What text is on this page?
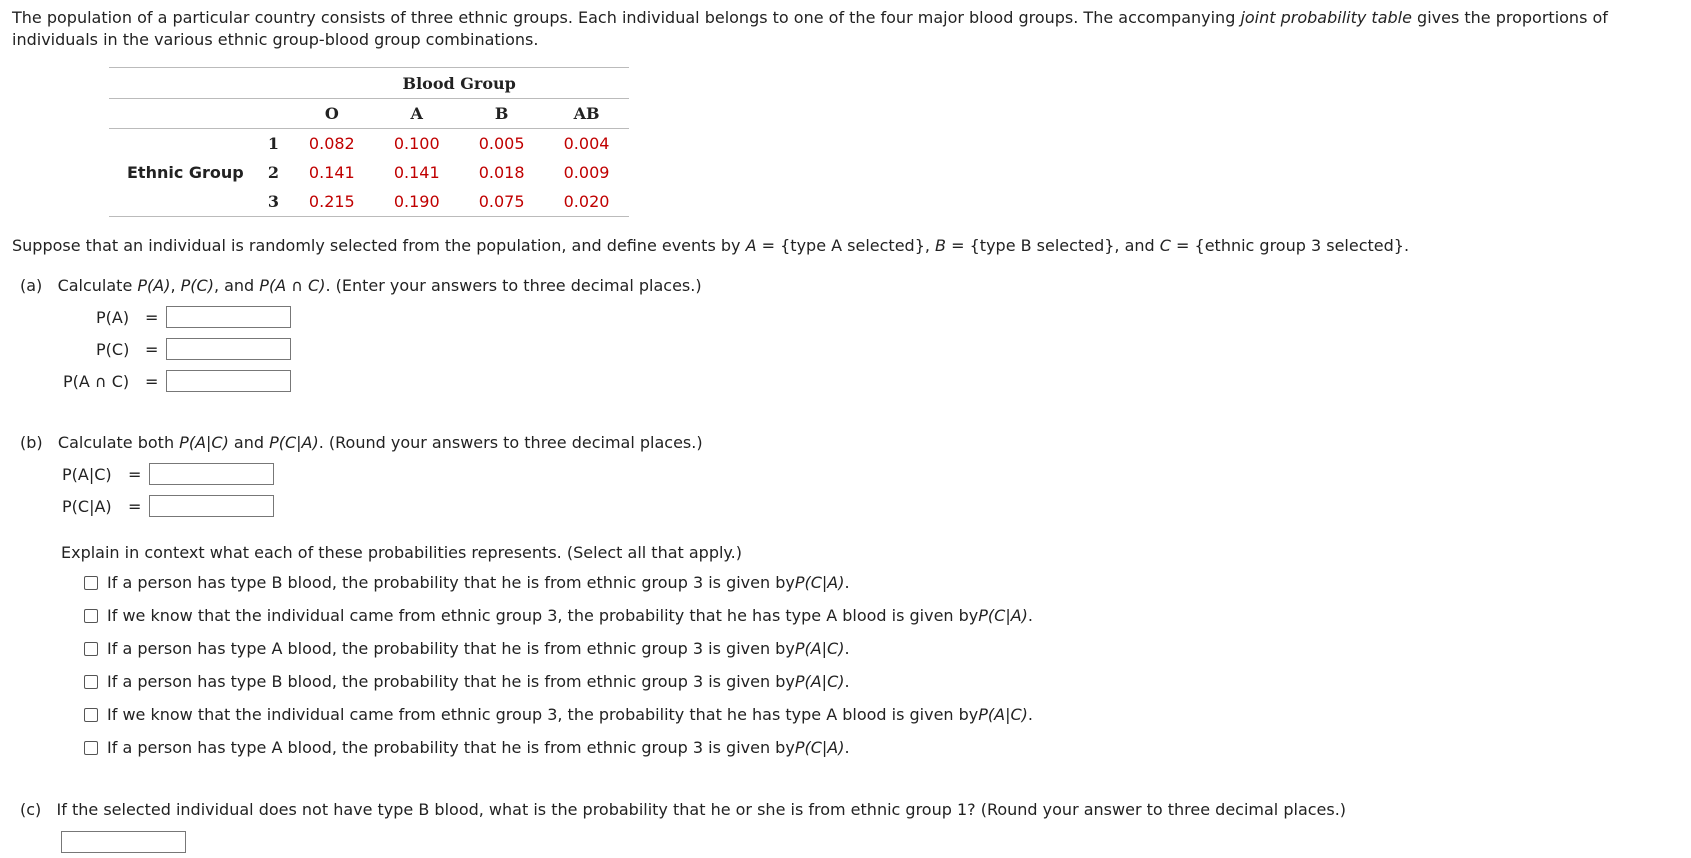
The population of a particular country consists of three ethnic groups. Each individual belongs to one of the four major blood groups. The accompanying joint probability table gives the proportions of individuals in the various ethnic group-blood group combinations.
		Blood Group			
		O	A	B	AB
	1	0.082	0.100	0.005	0.004
Ethnic Group	2	0.141	0.141	0.018	0.009
	3	0.215	0.190	0.075	0.020
Suppose that an individual is randomly selected from the population, and define events by A = {type A selected}, B = {type B selected}, and C = {ethnic group 3 selected}.
(a) Calculate P(A), P(C), and P(A ∩ C). (Enter your answers to three decimal places.)
P(A) =
P(C) =
P(A ∩ C) =
(b) Calculate both P(A|C) and P(C|A). (Round your answers to three decimal places.)
P(A|C) =
P(C|A) =
Explain in context what each of these probabilities represents. (Select all that apply.)
If a person has type B blood, the probability that he is from ethnic group 3 is given by P(C|A) .
If we know that the individual came from ethnic group 3, the probability that he has type A blood is given by P(C|A) .
If a person has type A blood, the probability that he is from ethnic group 3 is given by P(A|C) .
If a person has type B blood, the probability that he is from ethnic group 3 is given by P(A|C) .
If we know that the individual came from ethnic group 3, the probability that he has type A blood is given by P(A|C) .
If a person has type A blood, the probability that he is from ethnic group 3 is given by P(C|A) .
(c) If the selected individual does not have type B blood, what is the probability that he or she is from ethnic group 1? (Round your answer to three decimal places.)
